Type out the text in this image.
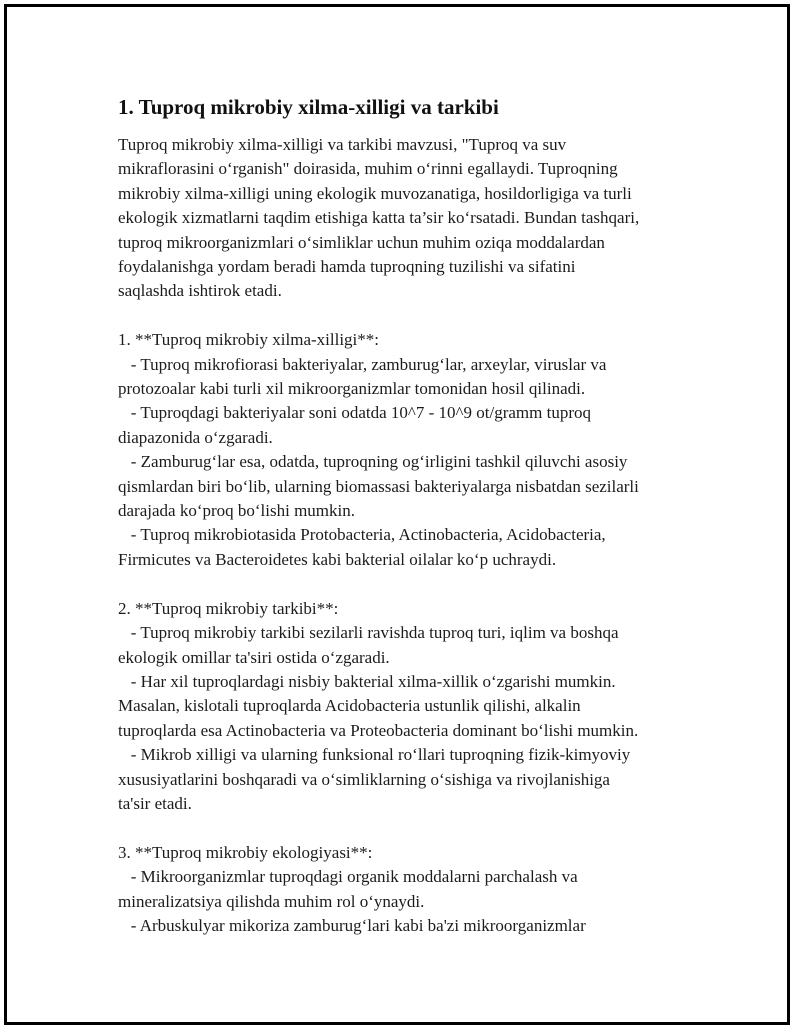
1. Tuproq mikrobiy xilma-xilligi va tarkibi
Tuproq mikrobiy xilma-xilligi va tarkibi mavzusi, "Tuproq va suv
mikraflorasini o‘rganish" doirasida, muhim o‘rinni egallaydi. Tuproqning
mikrobiy xilma-xilligi uning ekologik muvozanatiga, hosildorligiga va turli
ekologik xizmatlarni taqdim etishiga katta ta’sir ko‘rsatadi. Bundan tashqari,
tuproq mikroorganizmlari o‘simliklar uchun muhim oziqa moddalardan
foydalanishga yordam beradi hamda tuproqning tuzilishi va sifatini
saqlashda ishtirok etadi.
1. **Tuproq mikrobiy xilma-xilligi**:
- Tuproq mikrofiorasi bakteriyalar, zamburug‘lar, arxeylar, viruslar va
protozoalar kabi turli xil mikroorganizmlar tomonidan hosil qilinadi.
- Tuproqdagi bakteriyalar soni odatda 10^7 - 10^9 ot/gramm tuproq
diapazonida o‘zgaradi.
- Zamburug‘lar esa, odatda, tuproqning og‘irligini tashkil qiluvchi asosiy
qismlardan biri bo‘lib, ularning biomassasi bakteriyalarga nisbatdan sezilarli
darajada ko‘proq bo‘lishi mumkin.
- Tuproq mikrobiotasida Protobacteria, Actinobacteria, Acidobacteria,
Firmicutes va Bacteroidetes kabi bakterial oilalar ko‘p uchraydi.
2. **Tuproq mikrobiy tarkibi**:
- Tuproq mikrobiy tarkibi sezilarli ravishda tuproq turi, iqlim va boshqa
ekologik omillar ta'siri ostida o‘zgaradi.
- Har xil tuproqlardagi nisbiy bakterial xilma-xillik o‘zgarishi mumkin.
Masalan, kislotali tuproqlarda Acidobacteria ustunlik qilishi, alkalin
tuproqlarda esa Actinobacteria va Proteobacteria dominant bo‘lishi mumkin.
- Mikrob xilligi va ularning funksional ro‘llari tuproqning fizik-kimyoviy
xususiyatlarini boshqaradi va o‘simliklarning o‘sishiga va rivojlanishiga
ta'sir etadi.
3. **Tuproq mikrobiy ekologiyasi**:
- Mikroorganizmlar tuproqdagi organik moddalarni parchalash va
mineralizatsiya qilishda muhim rol o‘ynaydi.
- Arbuskulyar mikoriza zamburug‘lari kabi ba'zi mikroorganizmlar
